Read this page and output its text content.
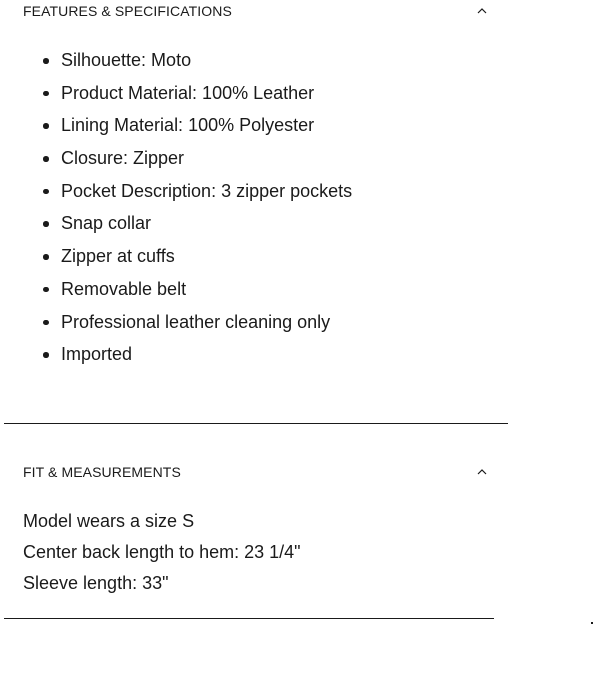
FEATURES & SPECIFICATIONS
Silhouette: Moto
Product Material: 100% Leather
Lining Material: 100% Polyester
Closure: Zipper
Pocket Description: 3 zipper pockets
Snap collar
Zipper at cuffs
Removable belt
Professional leather cleaning only
Imported
FIT & MEASUREMENTS
Model wears a size S
Center back length to hem: 23 1/4"
Sleeve length: 33"
